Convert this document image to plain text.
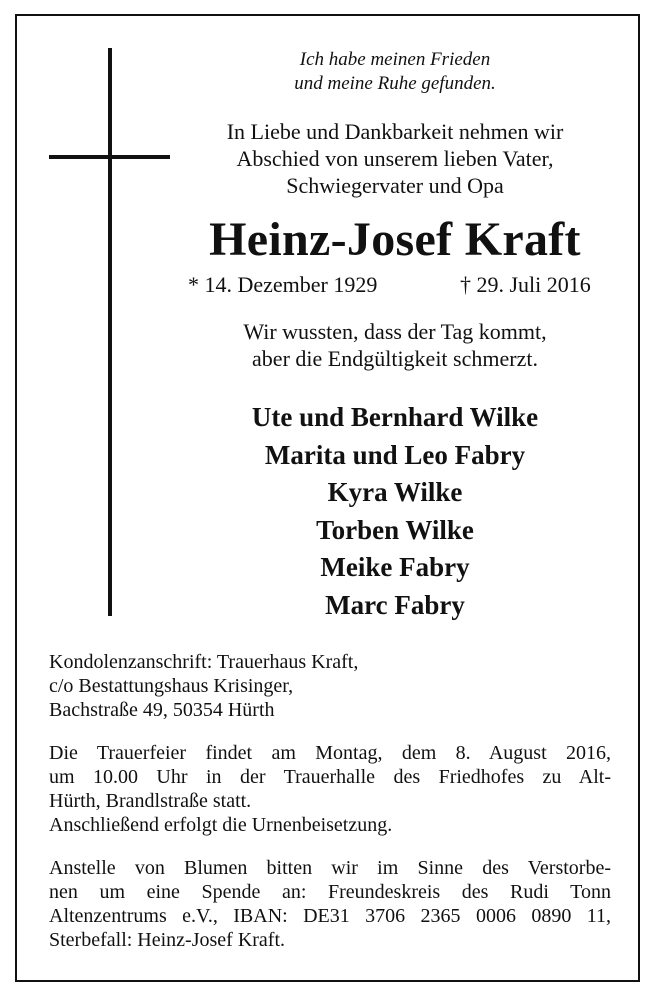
Ich habe meinen Frieden
und meine Ruhe gefunden.
In Liebe und Dankbarkeit nehmen wir
Abschied von unserem lieben Vater,
Schwiegervater und Opa
Heinz-Josef Kraft
* 14. Dezember 1929	† 29. Juli 2016
Wir wussten, dass der Tag kommt,
aber die Endgültigkeit schmerzt.
Ute und Bernhard Wilke
Marita und Leo Fabry
Kyra Wilke
Torben Wilke
Meike Fabry
Marc Fabry
Kondolenzanschrift: Trauerhaus Kraft,
c/o Bestattungshaus Krisinger,
Bachstraße 49, 50354 Hürth
Die Trauerfeier findet am Montag, dem 8. August 2016,
um 10.00 Uhr in der Trauerhalle des Friedhofes zu Alt-
Hürth, Brandlstraße statt.
Anschließend erfolgt die Urnenbeisetzung.
Anstelle von Blumen bitten wir im Sinne des Verstorbe-
nen um eine Spende an: Freundeskreis des Rudi Tonn
Altenzentrums e.V., IBAN: DE31 3706 2365 0006 0890 11,
Sterbefall: Heinz-Josef Kraft.
